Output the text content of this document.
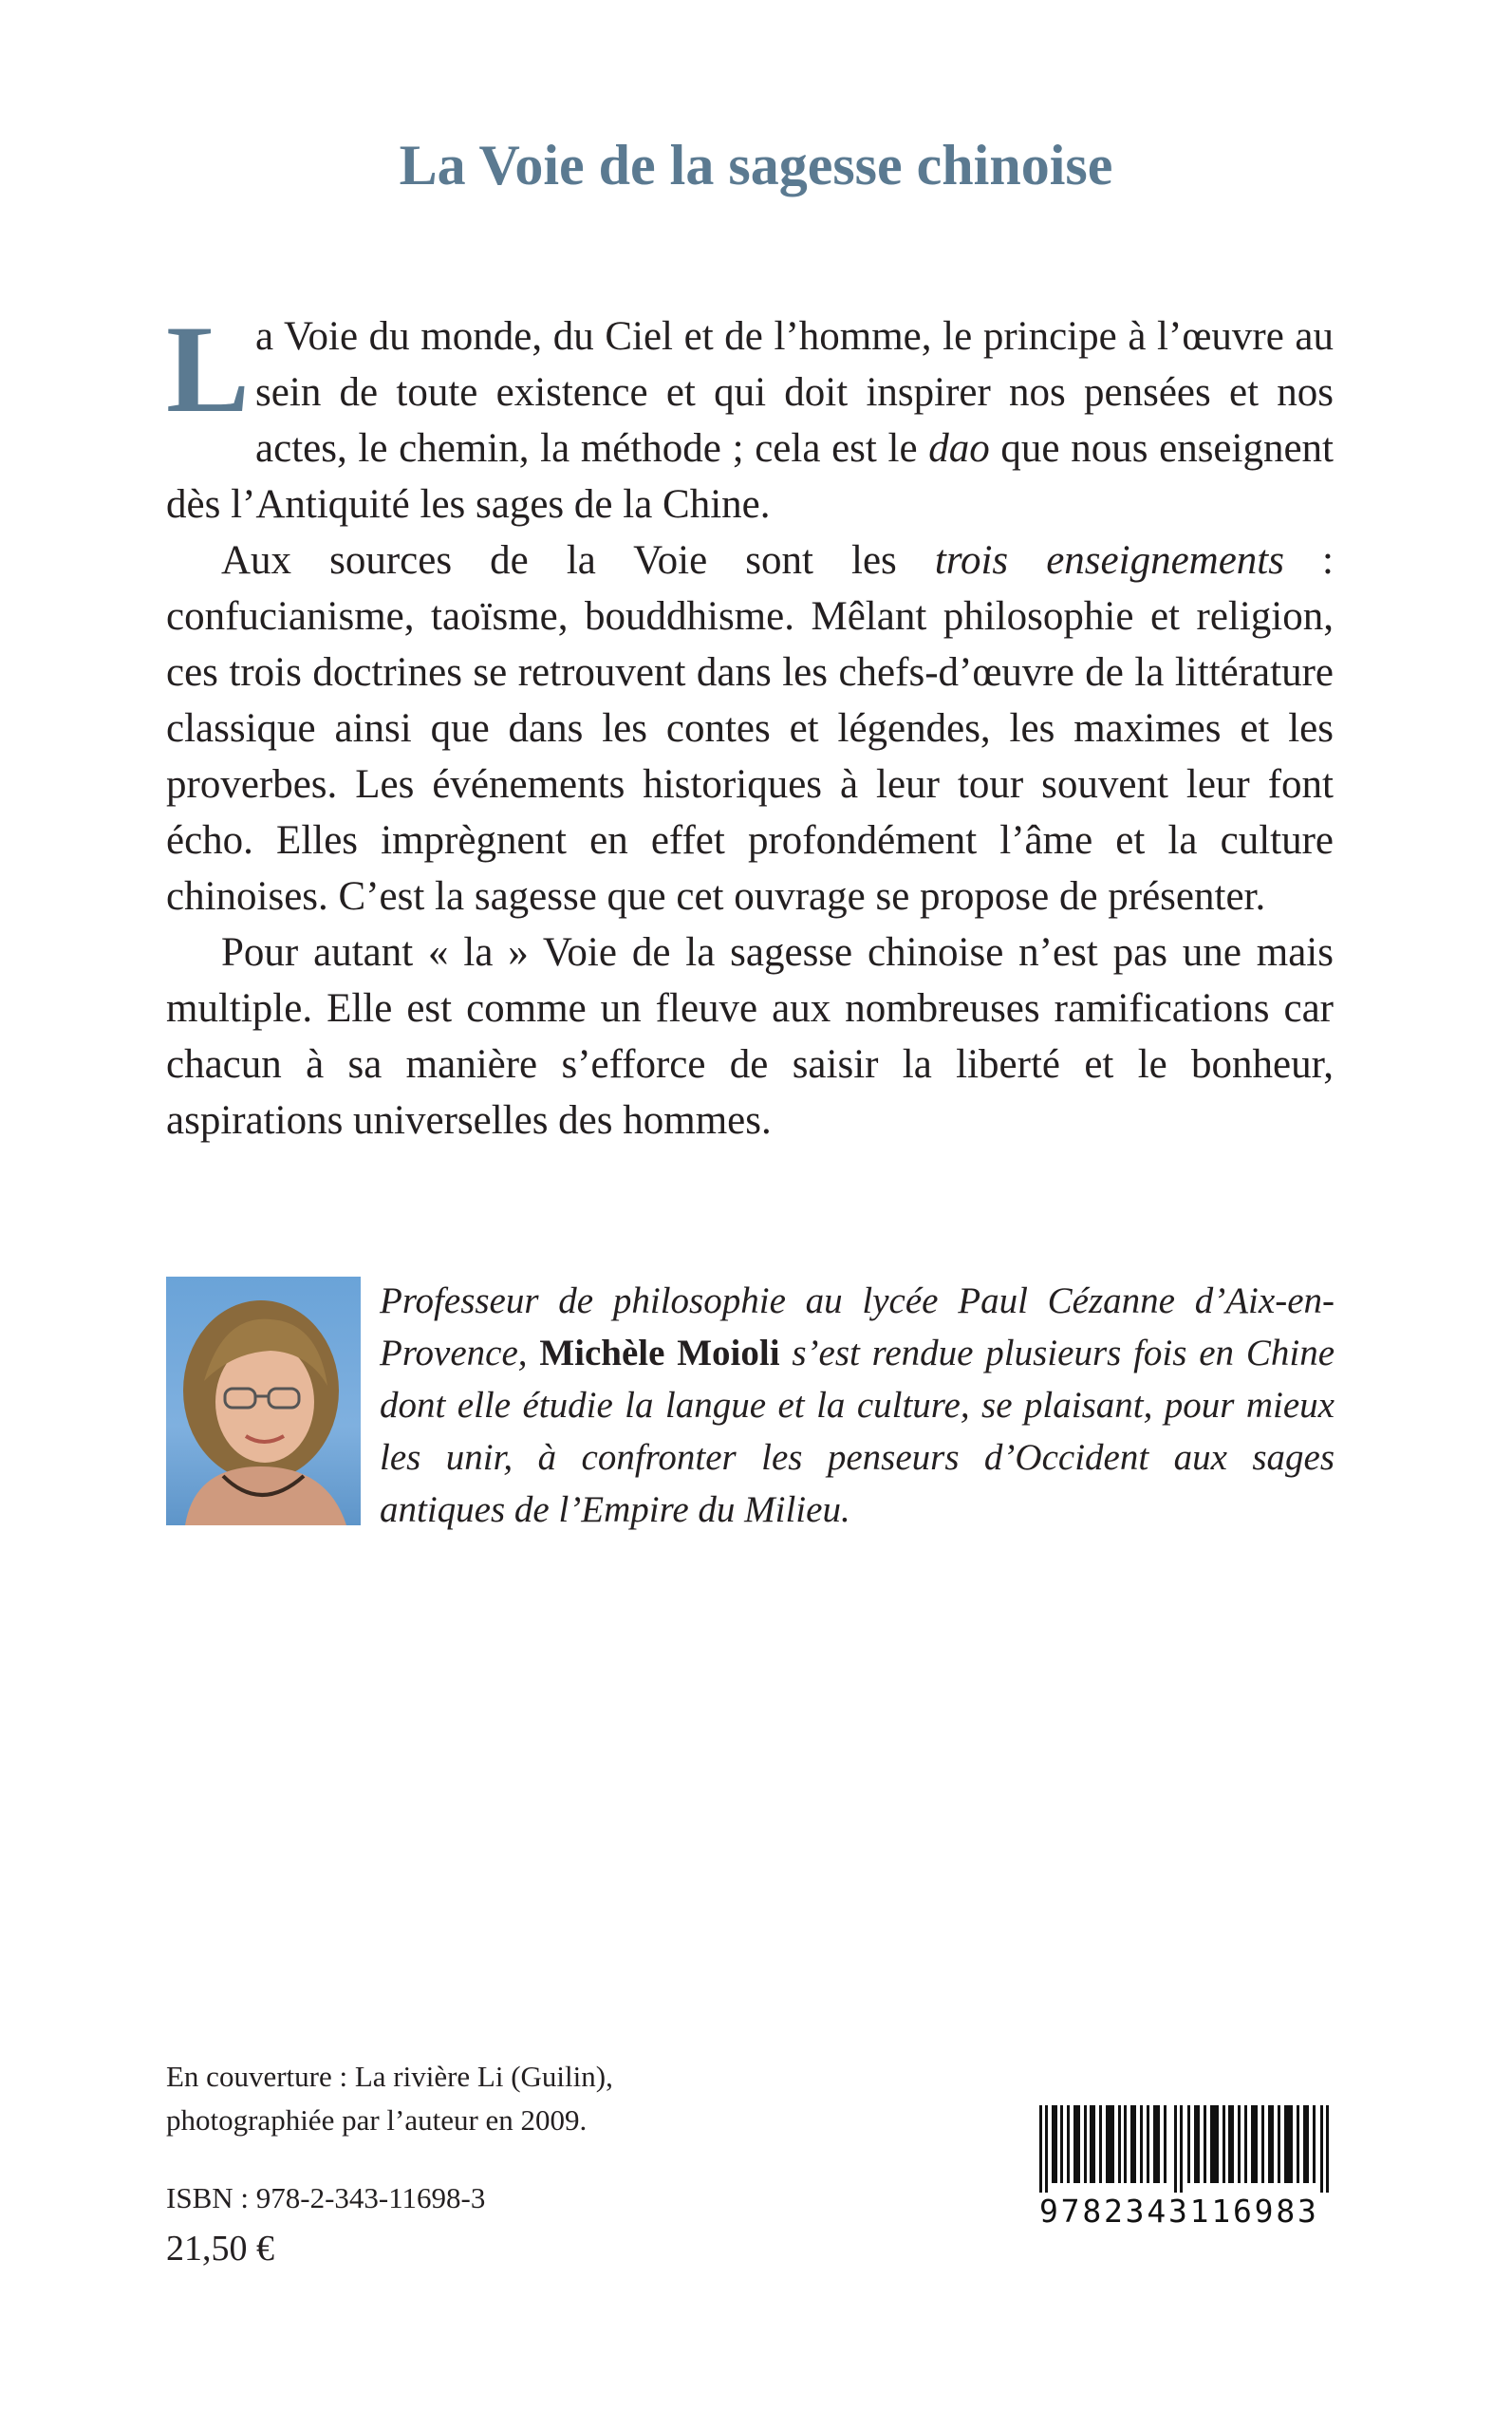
La Voie de la sagesse chinoise

La Voie du monde, du Ciel et de l’homme, le principe à l’œuvre au sein de toute existence et qui doit inspirer nos pensées et nos actes, le chemin, la méthode ; cela est le dao que nous enseignent dès l’Antiquité les sages de la Chine.

Aux sources de la Voie sont les trois enseignements : confucianisme, taoïsme, bouddhisme. Mêlant philosophie et religion, ces trois doctrines se retrouvent dans les chefs-d’œuvre de la littérature classique ainsi que dans les contes et légendes, les maximes et les proverbes. Les événements historiques à leur tour souvent leur font écho. Elles imprègnent en effet profondément l’âme et la culture chinoises. C’est la sagesse que cet ouvrage se propose de présenter.

Pour autant « la » Voie de la sagesse chinoise n’est pas une mais multiple. Elle est comme un fleuve aux nombreuses ramifications car chacun à sa manière s’efforce de saisir la liberté et le bonheur, aspirations universelles des hommes.

Professeur de philosophie au lycée Paul Cézanne d’Aix-en-Provence, Michèle Moioli s’est rendue plusieurs fois en Chine dont elle étudie la langue et la culture, se plaisant, pour mieux les unir, à confronter les penseurs d’Occident aux sages antiques de l’Empire du Milieu.

En couverture : La rivière Li (Guilin),
photographiée par l’auteur en 2009.

ISBN : 978-2-343-11698-3
21,50 €
9782343116983
